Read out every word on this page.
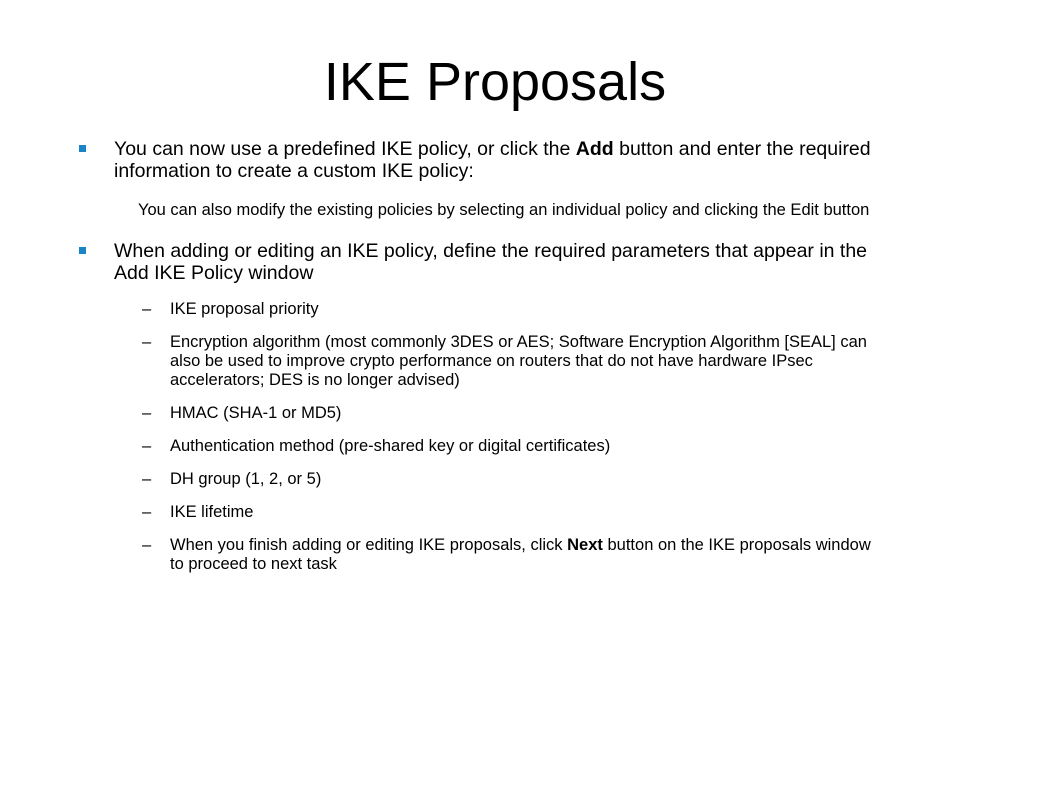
IKE Proposals
You can now use a predefined IKE policy, or click the Add button and enter the required information to create a custom IKE policy:
You can also modify the existing policies by selecting an individual policy and clicking the Edit button
When adding or editing an IKE policy, define the required parameters that appear in the Add IKE Policy window
– IKE proposal priority
– Encryption algorithm (most commonly 3DES or AES; Software Encryption Algorithm [SEAL] can also be used to improve crypto performance on routers that do not have hardware IPsec accelerators; DES is no longer advised)
– HMAC (SHA-1 or MD5)
– Authentication method (pre-shared key or digital certificates)
– DH group (1, 2, or 5)
– IKE lifetime
– When you finish adding or editing IKE proposals, click Next button on the IKE proposals window to proceed to next task
